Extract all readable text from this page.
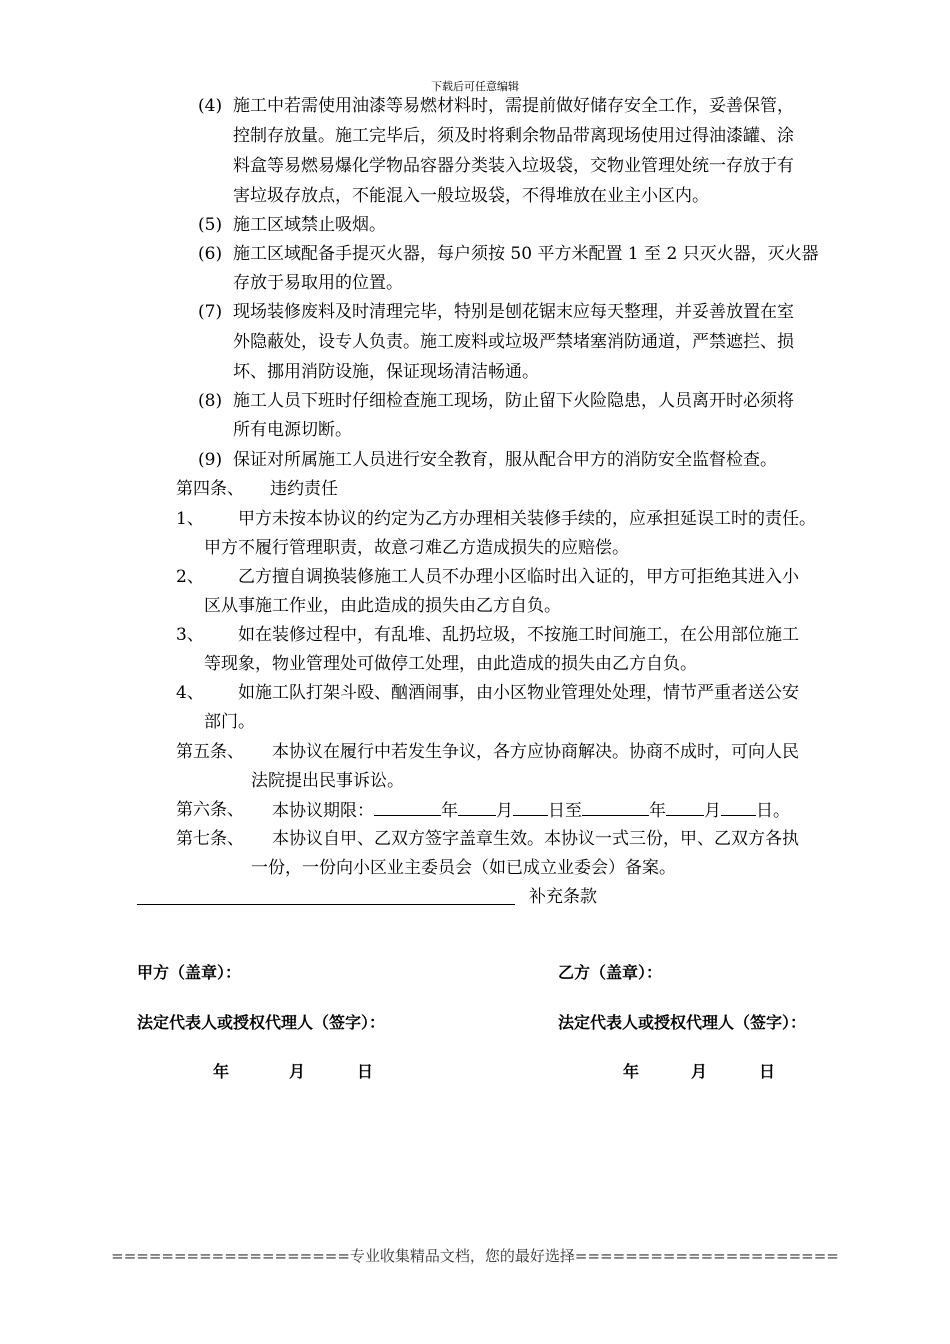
下载后可任意编辑
(4) 施工中若需使用油漆等易燃材料时，需提前做好储存安全工作，妥善保管，
控制存放量。施工完毕后，须及时将剩余物品带离现场使用过得油漆罐、涂
料盒等易燃易爆化学物品容器分类装入垃圾袋，交物业管理处统一存放于有
害垃圾存放点，不能混入一般垃圾袋，不得堆放在业主小区内。
(5) 施工区域禁止吸烟。
(6) 施工区域配备手提灭火器，每户须按 50 平方米配置 1 至 2 只灭火器，灭火器
存放于易取用的位置。
(7) 现场装修废料及时清理完毕，特别是刨花锯末应每天整理，并妥善放置在室
外隐蔽处，设专人负责。施工废料或垃圾严禁堵塞消防通道，严禁遮拦、损
坏、挪用消防设施，保证现场清洁畅通。
(8) 施工人员下班时仔细检查施工现场，防止留下火险隐患，人员离开时必须将
所有电源切断。
(9) 保证对所属施工人员进行安全教育，服从配合甲方的消防安全监督检查。
第四条、 违约责任
1、 甲方未按本协议的约定为乙方办理相关装修手续的，应承担延误工时的责任。
甲方不履行管理职责，故意刁难乙方造成损失的应赔偿。
2、 乙方擅自调换装修施工人员不办理小区临时出入证的，甲方可拒绝其进入小
区从事施工作业，由此造成的损失由乙方自负。
3、 如在装修过程中，有乱堆、乱扔垃圾，不按施工时间施工，在公用部位施工
等现象，物业管理处可做停工处理，由此造成的损失由乙方自负。
4、 如施工队打架斗殴、酗酒闹事，由小区物业管理处处理，情节严重者送公安
部门。
第五条、 本协议在履行中若发生争议，各方应协商解决。协商不成时，可向人民
法院提出民事诉讼。
第六条、 本协议期限：	年 月 日至	年 月 日。
第七条、 本协议自甲、乙双方签字盖章生效。本协议一式三份，甲、乙双方各执
一份，一份向小区业主委员会（如已成立业委会）备案。
补充条款
甲方（盖章）：	乙方（盖章）：
法定代表人或授权代理人（签字）：	法定代表人或授权代理人（签字）：
年	月	日	年	月	日
===================专业收集精品文档，您的最好选择=====================
